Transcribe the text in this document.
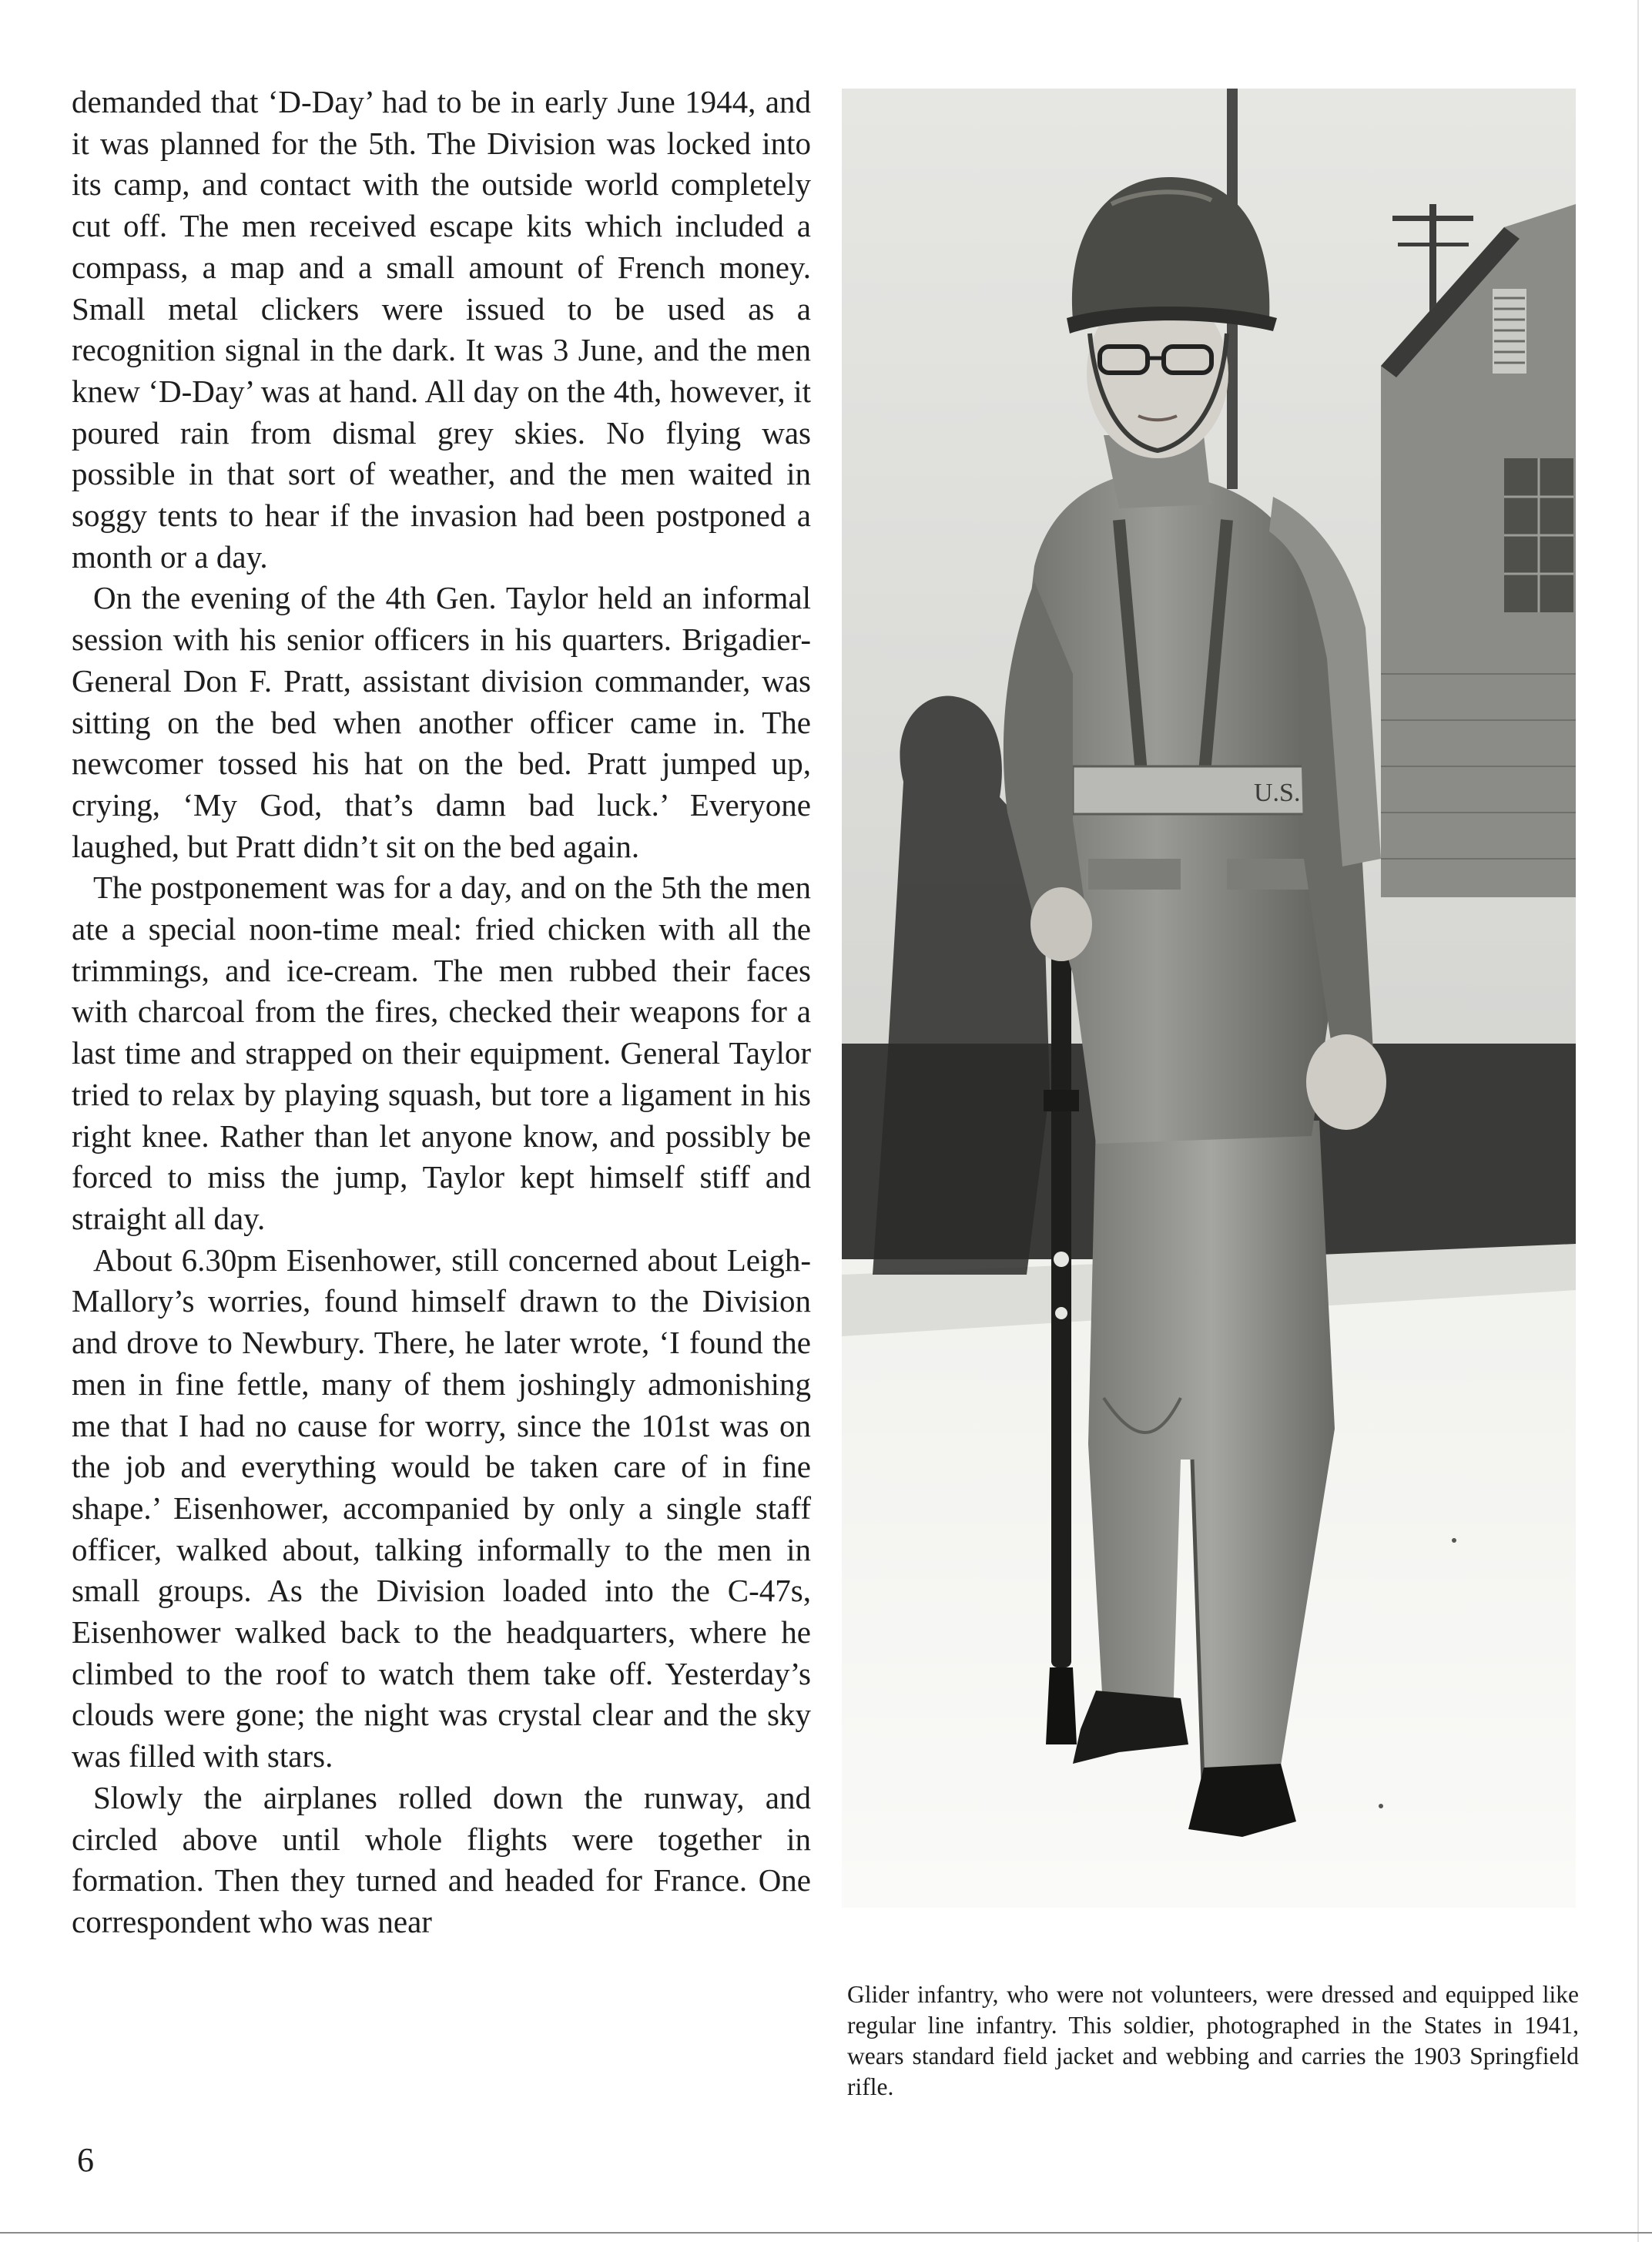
demanded that ‘D-Day’ had to be in early June 1944, and it was planned for the 5th. The Division was locked into its camp, and contact with the outside world completely cut off. The men received escape kits which included a compass, a map and a small amount of French money. Small metal clickers were issued to be used as a recognition signal in the dark. It was 3 June, and the men knew ‘D-Day’ was at hand. All day on the 4th, however, it poured rain from dismal grey skies. No flying was possible in that sort of weather, and the men waited in soggy tents to hear if the invasion had been postponed a month or a day.

On the evening of the 4th Gen. Taylor held an informal session with his senior officers in his quarters. Brigadier-General Don F. Pratt, assistant division commander, was sitting on the bed when another officer came in. The newcomer tossed his hat on the bed. Pratt jumped up, crying, ‘My God, that’s damn bad luck.’ Everyone laughed, but Pratt didn’t sit on the bed again.

The postponement was for a day, and on the 5th the men ate a special noon-time meal: fried chicken with all the trimmings, and ice-cream. The men rubbed their faces with charcoal from the fires, checked their weapons for a last time and strapped on their equipment. General Taylor tried to relax by playing squash, but tore a ligament in his right knee. Rather than let anyone know, and possibly be forced to miss the jump, Taylor kept himself stiff and straight all day.

About 6.30pm Eisenhower, still concerned about Leigh-Mallory’s worries, found himself drawn to the Division and drove to Newbury. There, he later wrote, ‘I found the men in fine fettle, many of them joshingly admonishing me that I had no cause for worry, since the 101st was on the job and everything would be taken care of in fine shape.’ Eisenhower, accompanied by only a single staff officer, walked about, talking informally to the men in small groups. As the Division loaded into the C-47s, Eisenhower walked back to the headquarters, where he climbed to the roof to watch them take off. Yesterday’s clouds were gone; the night was crystal clear and the sky was filled with stars.

Slowly the airplanes rolled down the runway, and circled above until whole flights were together in formation. Then they turned and headed for France. One correspondent who was near

6
U.S.

Glider infantry, who were not volunteers, were dressed and equipped like regular line infantry. This soldier, photographed in the States in 1941, wears standard field jacket and webbing and carries the 1903 Springfield rifle.
